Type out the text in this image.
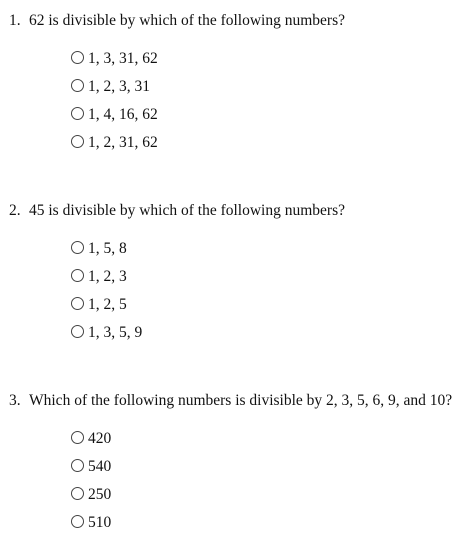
1. 62 is divisible by which of the following numbers?
1, 3, 31, 62
1, 2, 3, 31
1, 4, 16, 62
1, 2, 31, 62
2. 45 is divisible by which of the following numbers?
1, 5, 8
1, 2, 3
1, 2, 5
1, 3, 5, 9
3. Which of the following numbers is divisible by 2, 3, 5, 6, 9, and 10?
420
540
250
510
